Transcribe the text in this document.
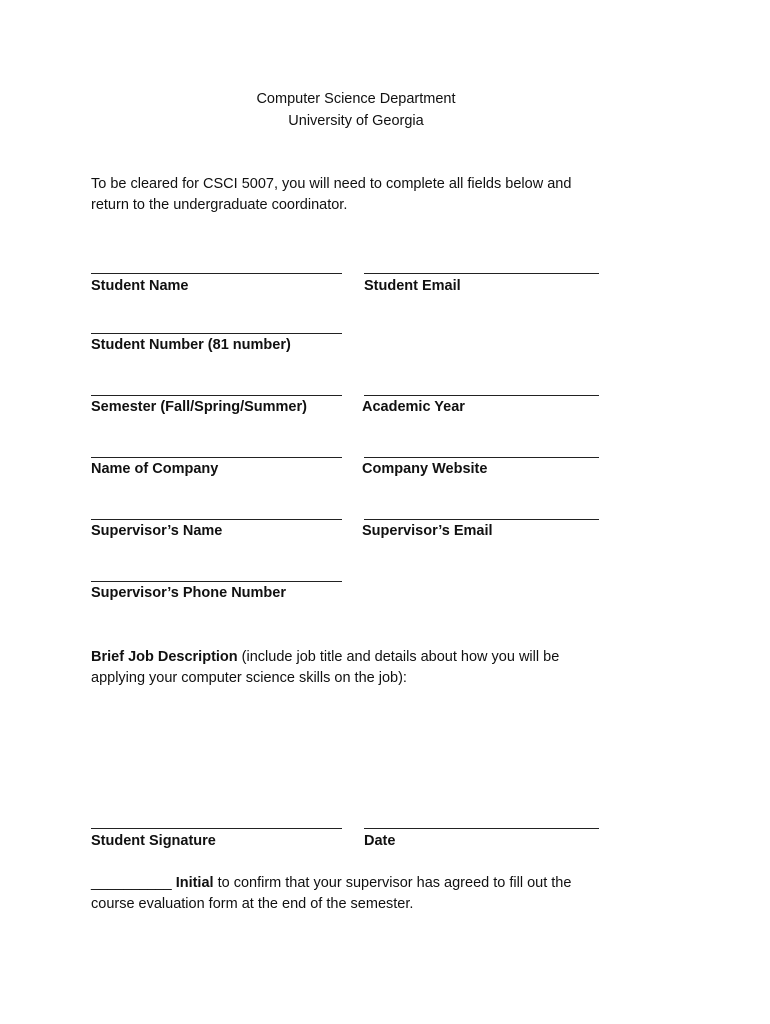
Computer Science Department
University of Georgia
To be cleared for CSCI 5007, you will need to complete all fields below and
return to the undergraduate coordinator.
Student Name	Student Email
Student Number (81 number)
Semester (Fall/Spring/Summer)	Academic Year
Name of Company	Company Website
Supervisor’s Name	Supervisor’s Email
Supervisor’s Phone Number
Brief Job Description (include job title and details about how you will be
applying your computer science skills on the job):
Student Signature	Date
__________ Initial to confirm that your supervisor has agreed to fill out the
course evaluation form at the end of the semester.
